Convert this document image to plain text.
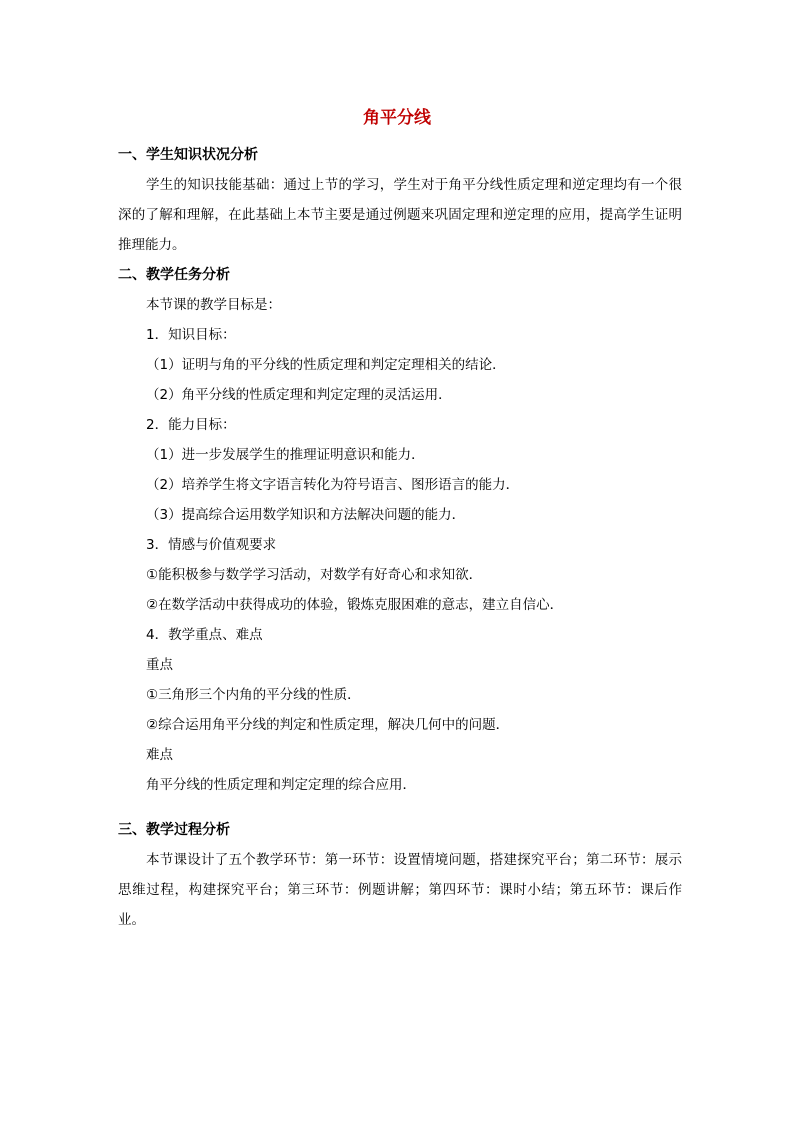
角平分线

一、学生知识状况分析

学生的知识技能基础：通过上节的学习，学生对于角平分线性质定理和逆定理均有一个很深的了解和理解，在此基础上本节主要是通过例题来巩固定理和逆定理的应用，提高学生证明推理能力。

二、教学任务分析

本节课的教学目标是：

1．知识目标：

（1）证明与角的平分线的性质定理和判定定理相关的结论．

（2）角平分线的性质定理和判定定理的灵活运用．

2．能力目标：

（1）进一步发展学生的推理证明意识和能力．

（2）培养学生将文字语言转化为符号语言、图形语言的能力．

（3）提高综合运用数学知识和方法解决问题的能力．

3．情感与价值观要求

①能积极参与数学学习活动，对数学有好奇心和求知欲．

②在数学活动中获得成功的体验，锻炼克服困难的意志，建立自信心．

4．教学重点、难点

重点

①三角形三个内角的平分线的性质．

②综合运用角平分线的判定和性质定理，解决几何中的问题．

难点

角平分线的性质定理和判定定理的综合应用．

三、教学过程分析

本节课设计了五个教学环节：第一环节：设置情境问题，搭建探究平台；第二环节：展示思维过程，构建探究平台；第三环节：例题讲解；第四环节：课时小结；第五环节：课后作业。
